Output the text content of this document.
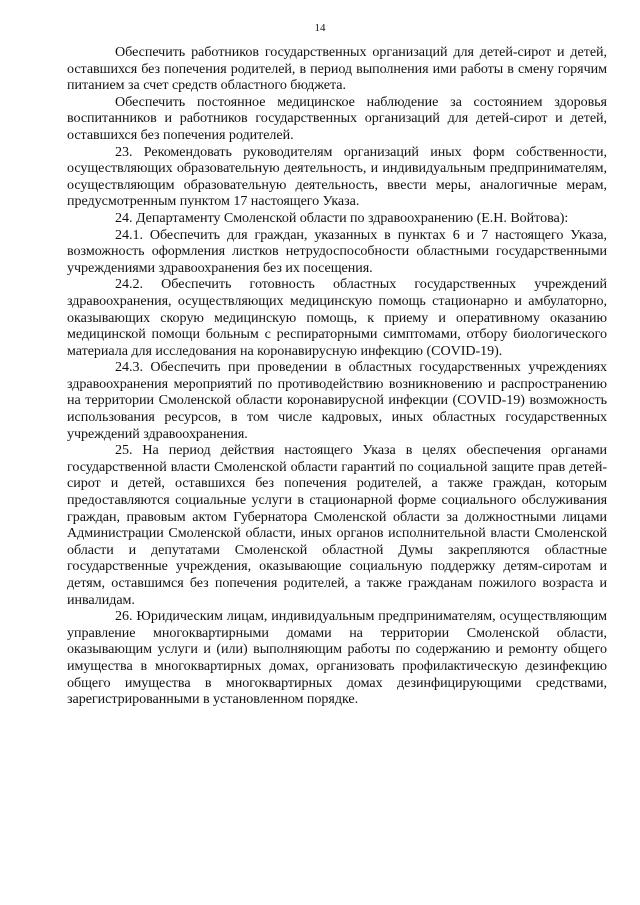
14

Обеспечить работников государственных организаций для детей-сирот и детей, оставшихся без попечения родителей, в период выполнения ими работы в смену горячим питанием за счет средств областного бюджета.

Обеспечить постоянное медицинское наблюдение за состоянием здоровья воспитанников и работников государственных организаций для детей-сирот и детей, оставшихся без попечения родителей.

23. Рекомендовать руководителям организаций иных форм собственности, осуществляющих образовательную деятельность, и индивидуальным предпринимателям, осуществляющим образовательную деятельность, ввести меры, аналогичные мерам, предусмотренным пунктом 17 настоящего Указа.

24. Департаменту Смоленской области по здравоохранению (Е.Н. Войтова):

24.1. Обеспечить для граждан, указанных в пунктах 6 и 7 настоящего Указа, возможность оформления листков нетрудоспособности областными государственными учреждениями здравоохранения без их посещения.

24.2. Обеспечить готовность областных государственных учреждений здравоохранения, осуществляющих медицинскую помощь стационарно и амбулаторно, оказывающих скорую медицинскую помощь, к приему и оперативному оказанию медицинской помощи больным с респираторными симптомами, отбору биологического материала для исследования на коронавирусную инфекцию (COVID-19).

24.3. Обеспечить при проведении в областных государственных учреждениях здравоохранения мероприятий по противодействию возникновению и распространению на территории Смоленской области коронавирусной инфекции (COVID-19) возможность использования ресурсов, в том числе кадровых, иных областных государственных учреждений здравоохранения.

25. На период действия настоящего Указа в целях обеспечения органами государственной власти Смоленской области гарантий по социальной защите прав детей-сирот и детей, оставшихся без попечения родителей, а также граждан, которым предоставляются социальные услуги в стационарной форме социального обслуживания граждан, правовым актом Губернатора Смоленской области за должностными лицами Администрации Смоленской области, иных органов исполнительной власти Смоленской области и депутатами Смоленской областной Думы закрепляются областные государственные учреждения, оказывающие социальную поддержку детям-сиротам и детям, оставшимся без попечения родителей, а также гражданам пожилого возраста и инвалидам.

26. Юридическим лицам, индивидуальным предпринимателям, осуществляющим управление многоквартирными домами на территории Смоленской области, оказывающим услуги и (или) выполняющим работы по содержанию и ремонту общего имущества в многоквартирных домах, организовать профилактическую дезинфекцию общего имущества в многоквартирных домах дезинфицирующими средствами, зарегистрированными в установленном порядке.
